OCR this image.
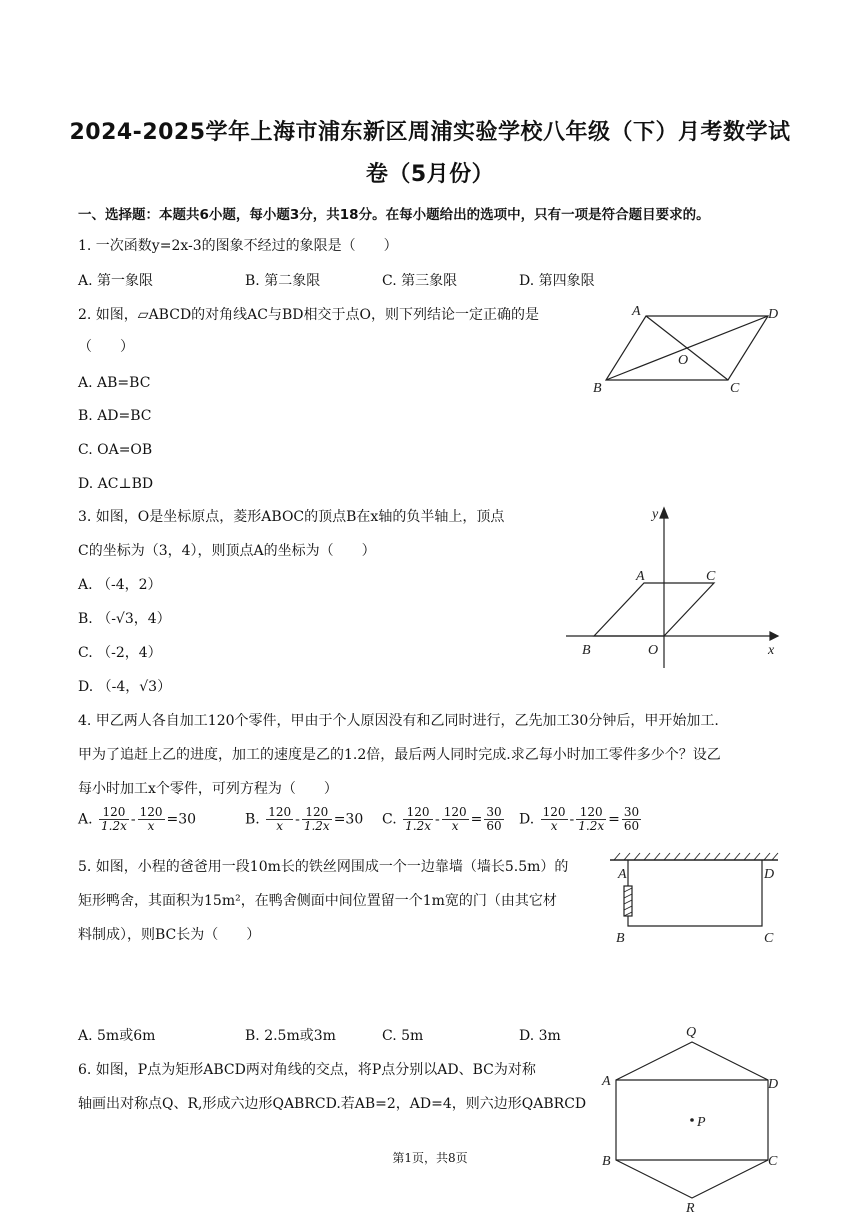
2024-2025学年上海市浦东新区周浦实验学校八年级（下）月考数学试
卷（5月份）
一、选择题：本题共6小题，每小题3分，共18分。在每小题给出的选项中，只有一项是符合题目要求的。
1. 一次函数y=2x-3的图象不经过的象限是（　　）
A. 第一象限	B. 第二象限	C. 第三象限	D. 第四象限
2. 如图，▱ABCD的对角线AC与BD相交于点O，则下列结论一定正确的是
（　　）
A. AB=BC
B. AD=BC
C. OA=OB
D. AC⊥BD
A	D
O
B	C
3. 如图，O是坐标原点，菱形ABOC的顶点B在x轴的负半轴上，顶点
C的坐标为（3，4），则顶点A的坐标为（　　）
A. （-4，2）
B. （-√3，4）
C. （-2，4）
D. （-4，√3）
y
A	C
B	O	x
4. 甲乙两人各自加工120个零件，甲由于个人原因没有和乙同时进行，乙先加工30分钟后，甲开始加工.
甲为了追赶上乙的进度，加工的速度是乙的1.2倍，最后两人同时完成.求乙每小时加工零件多少个？设乙
每小时加工x个零件，可列方程为（　　）
A. $\frac{120}{1.2x} - \frac{120}{x} =30$	B. $\frac{120}{x} - \frac{120}{1.2x} =30$ C. $\frac{120}{1.2x} - \frac{120}{x} = \frac{30}{60} D$. $\frac{120}{x} - \frac{120}{1.2x} = \frac{30}{60}$
5. 如图，小程的爸爸用一段10m长的铁丝网围成一个一边靠墙（墙长5.5m）的
矩形鸭舍，其面积为15m²，在鸭舍侧面中间位置留一个1m宽的门（由其它材
料制成），则BC长为（　　）
A. 5m或6m	B. 2.5m或3m	C. 5m	D. 3m
A	D
B	C
6. 如图，P点为矩形ABCD两对角线的交点，将P点分别以AD、BC为对称
轴画出对称点Q、R,形成六边形QABRCD.若AB=2，AD=4，则六边形QABRCD
Q
A	D
P
B	C
R
第1页，共8页
